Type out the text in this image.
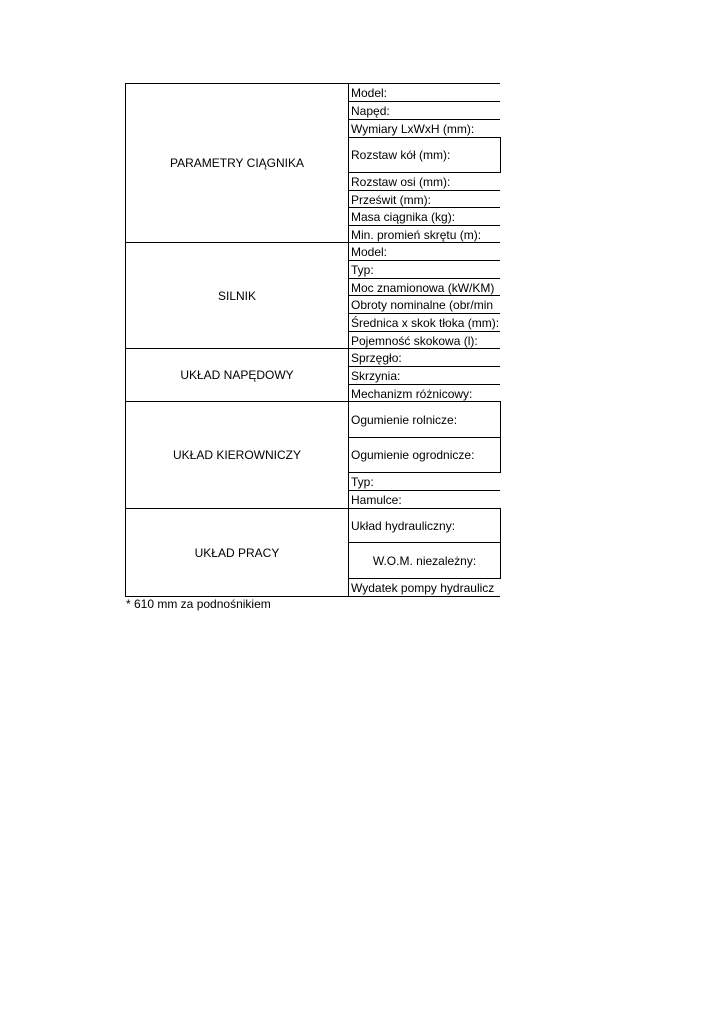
PARAMETRY CIĄGNIKA
Model:
Napęd:
Wymiary LxWxH (mm):
Rozstaw kół (mm):
Rozstaw osi (mm):
Prześwit (mm):
Masa ciągnika (kg):
Min. promień skrętu (m):
SILNIK
Model:
Typ:
Moc znamionowa (kW/KM)
Obroty nominalne (obr/min
Średnica x skok tłoka (mm):
Pojemność skokowa (l):
UKŁAD NAPĘDOWY
Sprzęgło:
Skrzynia:
Mechanizm różnicowy:
UKŁAD KIEROWNICZY
Ogumienie rolnicze:
Ogumienie ogrodnicze:
Typ:
Hamulce:
UKŁAD PRACY
Układ hydrauliczny:
W.O.M. niezależny:
Wydatek pompy hydraulicz
* 610 mm za podnośnikiem
